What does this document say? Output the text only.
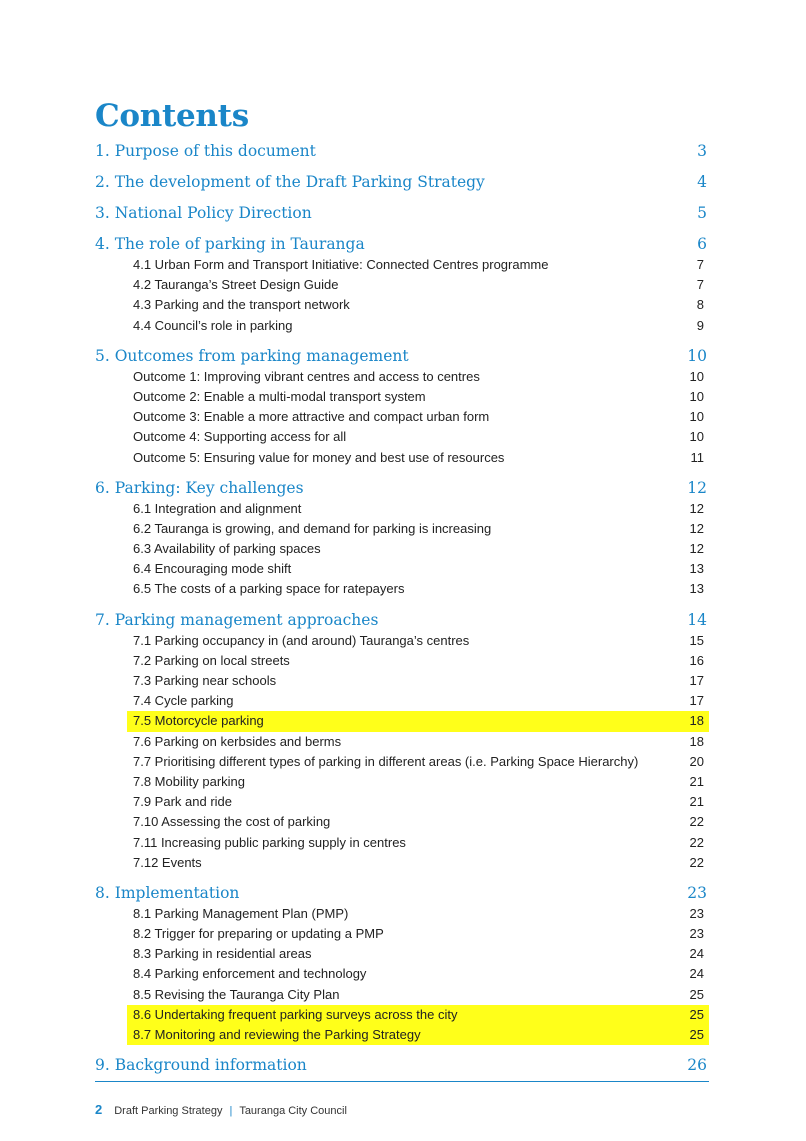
Contents
1. Purpose of this document	3
2. The development of the Draft Parking Strategy	4
3. National Policy Direction	5
4. The role of parking in Tauranga	6
4.1 Urban Form and Transport Initiative: Connected Centres programme	7
4.2 Tauranga’s Street Design Guide	7
4.3 Parking and the transport network	8
4.4 Council’s role in parking	9
5. Outcomes from parking management	10
Outcome 1: Improving vibrant centres and access to centres	10
Outcome 2: Enable a multi-modal transport system	10
Outcome 3: Enable a more attractive and compact urban form	10
Outcome 4: Supporting access for all	10
Outcome 5: Ensuring value for money and best use of resources	11
6. Parking: Key challenges	12
6.1 Integration and alignment	12
6.2 Tauranga is growing, and demand for parking is increasing	12
6.3 Availability of parking spaces	12
6.4 Encouraging mode shift	13
6.5 The costs of a parking space for ratepayers	13
7. Parking management approaches	14
7.1 Parking occupancy in (and around) Tauranga’s centres	15
7.2 Parking on local streets	16
7.3 Parking near schools	17
7.4 Cycle parking	17
7.5 Motorcycle parking	18
7.6 Parking on kerbsides and berms	18
7.7 Prioritising different types of parking in different areas (i.e. Parking Space Hierarchy)	20
7.8 Mobility parking	21
7.9 Park and ride	21
7.10 Assessing the cost of parking	22
7.11 Increasing public parking supply in centres	22
7.12 Events	22
8. Implementation	23
8.1 Parking Management Plan (PMP)	23
8.2 Trigger for preparing or updating a PMP	23
8.3 Parking in residential areas	24
8.4 Parking enforcement and technology	24
8.5 Revising the Tauranga City Plan	25
8.6 Undertaking frequent parking surveys across the city	25
8.7 Monitoring and reviewing the Parking Strategy	25
9. Background information	26
2 Draft Parking Strategy | Tauranga City Council
